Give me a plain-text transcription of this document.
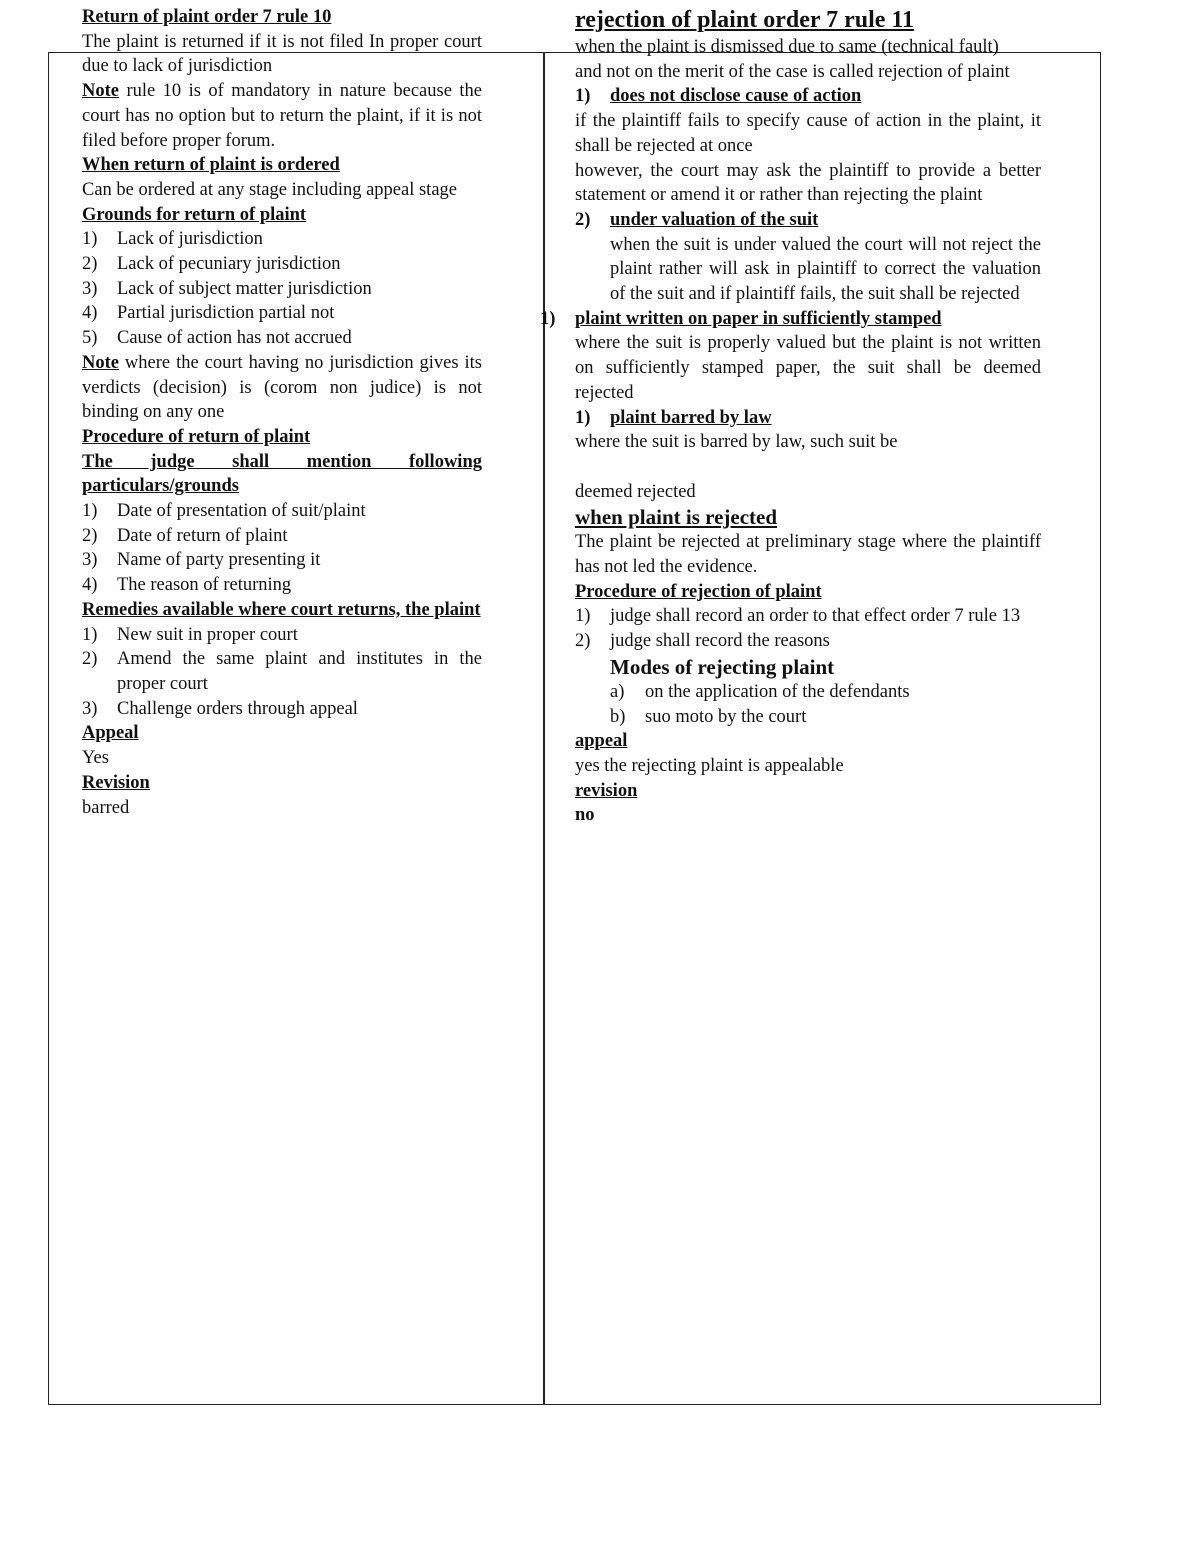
Return of plaint order 7 rule 10

The plaint is returned if it is not filed In proper court due to lack of jurisdiction

Note rule 10 is of mandatory in nature because the court has no option but to return the plaint, if it is not filed before proper forum.

When return of plaint is ordered

Can be ordered at any stage including appeal stage

Grounds for return of plaint

1) Lack of jurisdiction

2) Lack of pecuniary jurisdiction

3) Lack of subject matter jurisdiction

4) Partial jurisdiction partial not

5) Cause of action has not accrued

Note where the court having no jurisdiction gives its verdicts (decision) is (corom non judice) is not binding on any one

Procedure of return of plaint

The judge shall mention following particulars/grounds

1) Date of presentation of suit/plaint

2) Date of return of plaint

3) Name of party presenting it

4) The reason of returning

Remedies available where court returns, the plaint

1) New suit in proper court

2) Amend the same plaint and institutes in the proper court

3) Challenge orders through appeal

Appeal

Yes

Revision

barred

rejection of plaint order 7 rule 11

when the plaint is dismissed due to same (technical fault)

and not on the merit of the case is called rejection of plaint

1) does not disclose cause of action

if the plaintiff fails to specify cause of action in the plaint, it shall be rejected at once

however, the court may ask the plaintiff to provide a better statement or amend it or rather than rejecting the plaint

2) under valuation of the suit

when the suit is under valued the court will not reject the plaint rather will ask in plaintiff to correct the valuation of the suit and if plaintiff fails, the suit shall be rejected

1) plaint written on paper in sufficiently stamped

where the suit is properly valued but the plaint is not written on sufficiently stamped paper, the suit shall be deemed rejected

1) plaint barred by law

where the suit is barred by law, such suit be

deemed rejected

when plaint is rejected

The plaint be rejected at preliminary stage where the plaintiff has not led the evidence.

Procedure of rejection of plaint

1) judge shall record an order to that effect order 7 rule 13

2) judge shall record the reasons

Modes of rejecting plaint

a) on the application of the defendants

b) suo moto by the court

appeal

yes the rejecting plaint is appealable

revision

no
